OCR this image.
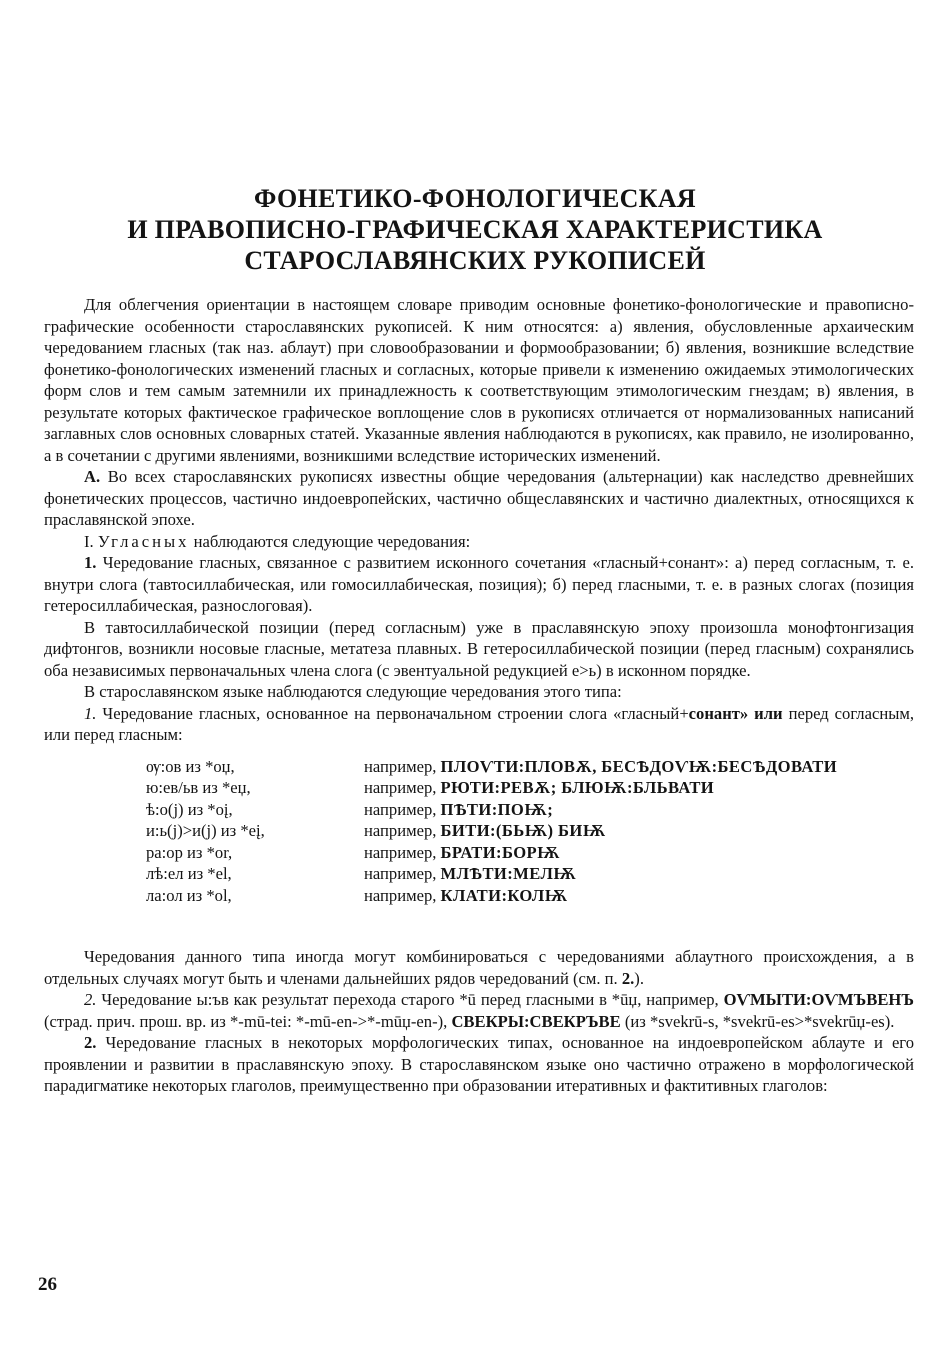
ФОНЕТИКО-ФОНОЛОГИЧЕСКАЯ
И ПРАВОПИСНО-ГРАФИЧЕСКАЯ ХАРАКТЕРИСТИКА
СТАРОСЛАВЯНСКИХ РУКОПИСЕЙ

Для облегчения ориентации в настоящем словаре приводим основные фонетико-фонологические и правописно-графические особенности старославянских рукописей. К ним относятся: а) явления, обусловленные архаическим чередованием гласных (так наз. аблаут) при словообразовании и формообразовании; б) явления, возникшие вследствие фонетико-фонологических изменений гласных и согласных, которые привели к изменению ожидаемых этимологических форм слов и тем самым затемнили их принадлежность к соответствующим этимологическим гнездам; в) явления, в результате которых фактическое графическое воплощение слов в рукописях отличается от нормализованных написаний заглавных слов основных словарных статей. Указанные явления наблюдаются в рукописях, как правило, не изолированно, а в сочетании с другими явлениями, возникшими вследствие исторических изменений.

А. Во всех старославянских рукописях известны общие чередования (альтернации) как наследство древнейших фонетических процессов, частично индоевропейских, частично общеславянских и частично диалектных, относящихся к праславянской эпохе.

I. Угласных наблюдаются следующие чередования:

1. Чередование гласных, связанное с развитием исконного сочетания «гласный+сонант»: а) перед согласным, т. е. внутри слога (тавтосиллабическая, или гомосиллабическая, позиция); б) перед гласными, т. е. в разных слогах (позиция гетеросиллабическая, разнослоговая).

В тавтосиллабической позиции (перед согласным) уже в праславянскую эпоху произошла монофтонгизация дифтонгов, возникли носовые гласные, метатеза плавных. В гетеросиллабической позиции (перед гласным) сохранялись оба независимых первоначальных члена слога (с эвентуальной редукцией е>ь) в исконном порядке.

В старославянском языке наблюдаются следующие чередования этого типа:

1. Чередование гласных, основанное на первоначальном строении слога «гласный+сонант» или перед согласным, или перед гласным:

ѹ:ов из *оџ,	например, ПЛОѴТИ:ПЛОВѪ, БЕСѢДОѴѬ:БЕСѢДОВАТИ
ю:ев/ьв из *еџ,	например, РЮТИ:РЕВѪ; БЛЮѬ:БЛЬВАТИ
ѣ:о(j) из *оį,	например, ПѢТИ:ПОѬ;
и:ь(j)>и(j) из *еį,	например, БИТИ:(БЬѬ) БИѬ
ра:ор из *оr,	например, БРАТИ:БОРѬ
лѣ:ел из *еl,	например, МЛѢТИ:МЕЛѬ
ла:ол из *оl,	например, КЛАТИ:КОЛѬ

Чередования данного типа иногда могут комбинироваться с чередованиями аблаутного происхождения, а в отдельных случаях могут быть и членами дальнейших рядов чередований (см. п. 2.).

2. Чередование ы:ъв как результат перехода старого *ū перед гласными в *ūџ, например, ОѴМЫТИ:ОѴМЪВЕНЪ (страд. прич. прош. вр. из *-mū-tei: *-mū-en->*-mūџ-en-), СВЕКРЫ:СВЕКРЪВЕ (из *svekrū-s, *svekrū-es>*svekrūџ-es).

2. Чередование гласных в некоторых морфологических типах, основанное на индоевропейском аблауте и его проявлении и развитии в праславянскую эпоху. В старославянском языке оно частично отражено в морфологической парадигматике некоторых глаголов, преимущественно при образовании итеративных и фактитивных глаголов:

26
